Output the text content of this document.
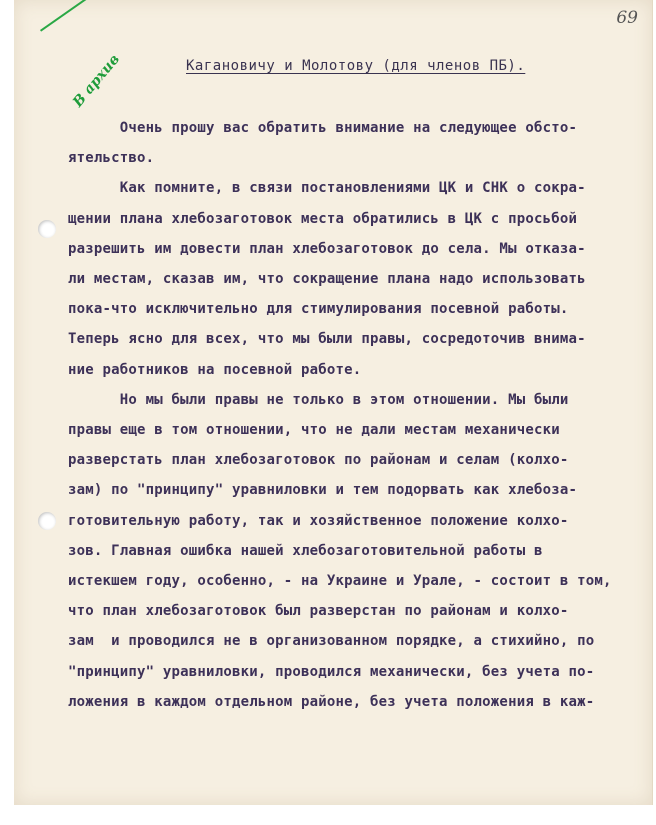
В архив
69
Кагановичу и Молотову (для членов ПБ).
Очень прошу вас обратить внимание на следующее обсто-
ятельство.
Как помните, в связи постановлениями ЦК и СНК о сокра-
щении плана хлебозаготовок места обратились в ЦК с просьбой
разрешить им довести план хлебозаготовок до села. Мы отказа-
ли местам, сказав им, что сокращение плана надо использовать
пока-что исключительно для стимулирования посевной работы.
Теперь ясно для всех, что мы были правы, сосредоточив внима-
ние работников на посевной работе.
Но мы были правы не только в этом отношении. Мы были
правы еще в том отношении, что не дали местам механически
разверстать план хлебозаготовок по районам и селам (колхо-
зам) по "принципу" уравниловки и тем подорвать как хлебоза-
готовительную работу, так и хозяйственное положение колхо-
зов. Главная ошибка нашей хлебозаготовительной работы в
истекшем году, особенно, - на Украине и Урале, - состоит в том,
что план хлебозаготовок был разверстан по районам и колхо-
зам  и проводился не в организованном порядке, а стихийно, по
"принципу" уравниловки, проводился механически, без учета по-
ложения в каждом отдельном районе, без учета положения в каж-
